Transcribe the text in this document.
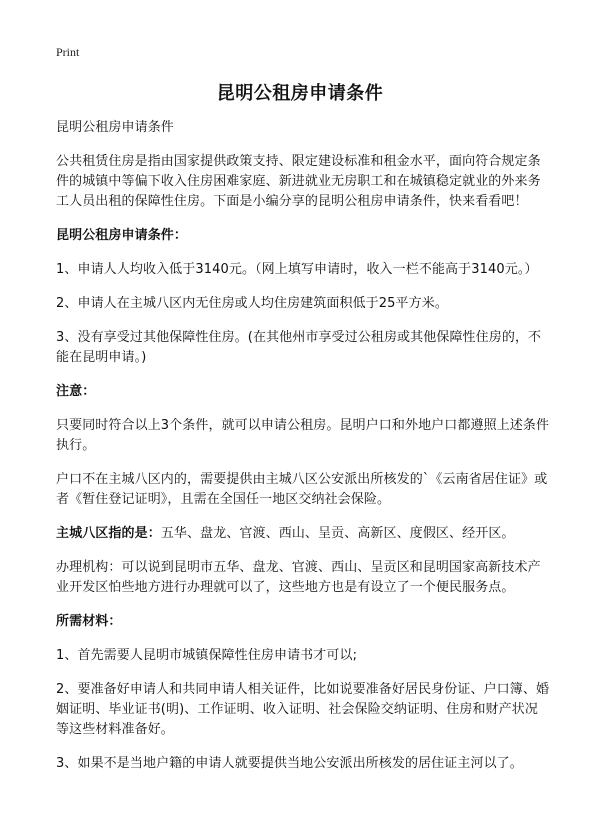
Print
昆明公租房申请条件

昆明公租房申请条件

公共租赁住房是指由国家提供政策支持、限定建设标准和租金水平，面向符合规定条件的城镇中等偏下收入住房困难家庭、新进就业无房职工和在城镇稳定就业的外来务工人员出租的保障性住房。下面是小编分享的昆明公租房申请条件，快来看看吧！

昆明公租房申请条件：

1、申请人人均收入低于3140元。（网上填写申请时，收入一栏不能高于3140元。）

2、申请人在主城八区内无住房或人均住房建筑面积低于25平方米。

3、没有享受过其他保障性住房。(在其他州市享受过公租房或其他保障性住房的，不能在昆明申请。)

注意：

只要同时符合以上3个条件，就可以申请公租房。昆明户口和外地户口都遵照上述条件执行。

户口不在主城八区内的，需要提供由主城八区公安派出所核发的`《云南省居住证》或者《暂住登记证明》，且需在全国任一地区交纳社会保险。

主城八区指的是：五华、盘龙、官渡、西山、呈贡、高新区、度假区、经开区。

办理机构：可以说到昆明市五华、盘龙、官渡、西山、呈贡区和昆明国家高新技术产业开发区怕些地方进行办理就可以了，这些地方也是有设立了一个便民服务点。

所需材料：

1、首先需要人昆明市城镇保障性住房申请书才可以;

2、要准备好申请人和共同申请人相关证件，比如说要准备好居民身份证、户口簿、婚姻证明、毕业证书(明)、工作证明、收入证明、社会保险交纳证明、住房和财产状况等这些材料准备好。

3、如果不是当地户籍的申请人就要提供当地公安派出所核发的居住证主河以了。
